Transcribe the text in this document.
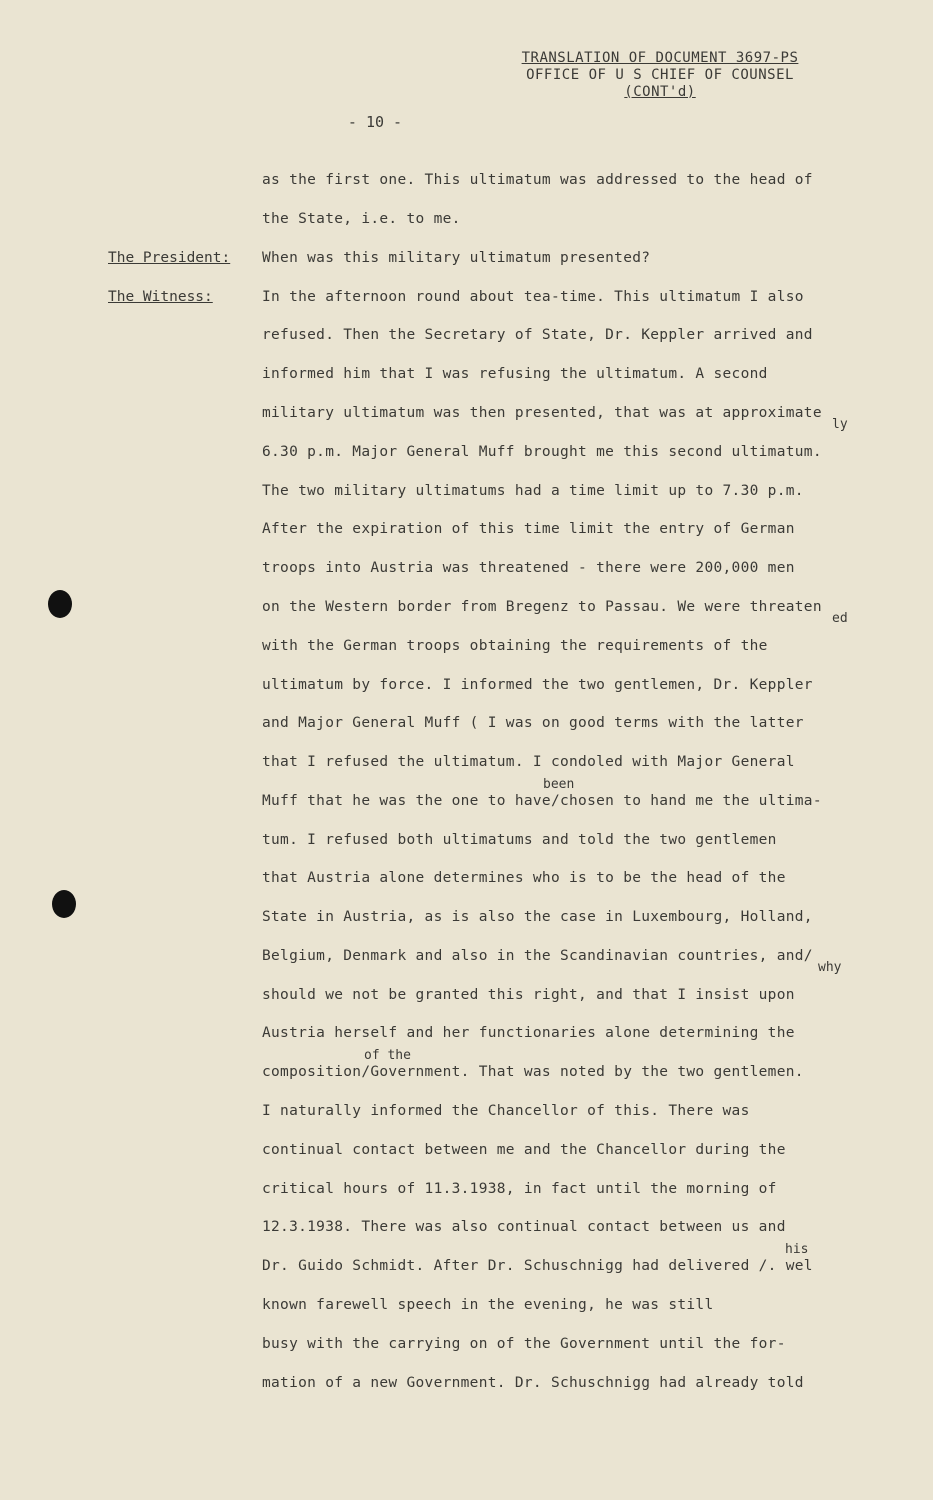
TRANSLATION OF DOCUMENT 3697-PS
OFFICE OF U S CHIEF OF COUNSEL
(CONT'd)
- 10 -
The President:
The Witness:
as the first one. This ultimatum was addressed to the head of
the State, i.e. to me.
When was this military ultimatum presented?
In the afternoon round about tea-time. This ultimatum I also
refused. Then the Secretary of State, Dr. Keppler arrived and
informed him that I was refusing the ultimatum. A second
military ultimatum was then presented, that was at approximate
6.30 p.m. Major General Muff brought me this second ultimatum.
The two military ultimatums had a time limit up to 7.30 p.m.
After the expiration of this time limit the entry of German
troops into Austria was threatened - there were 200,000 men
on the Western border from Bregenz to Passau. We were threaten
with the German troops obtaining the requirements of the
ultimatum by force. I informed the two gentlemen, Dr. Keppler
and Major General Muff ( I was on good terms with the latter
that I refused the ultimatum. I condoled with Major General
Muff that he was the one to have/chosen to hand me the ultima-
tum. I refused both ultimatums and told the two gentlemen
that Austria alone determines who is to be the head of the
State in Austria, as is also the case in Luxembourg, Holland,
Belgium, Denmark and also in the Scandinavian countries, and/
should we not be granted this right, and that I insist upon
Austria herself and her functionaries alone determining the
composition/Government. That was noted by the two gentlemen.
I naturally informed the Chancellor of this. There was
continual contact between me and the Chancellor during the
critical hours of 11.3.1938, in fact until the morning of
12.3.1938. There was also continual contact between us and
Dr. Guido Schmidt. After Dr. Schuschnigg had delivered /. wel
known farewell speech in the evening, he was still
busy with the carrying on of the Government until the for-
mation of a new Government. Dr. Schuschnigg had already told
ly
ed
been
why
of the
his
